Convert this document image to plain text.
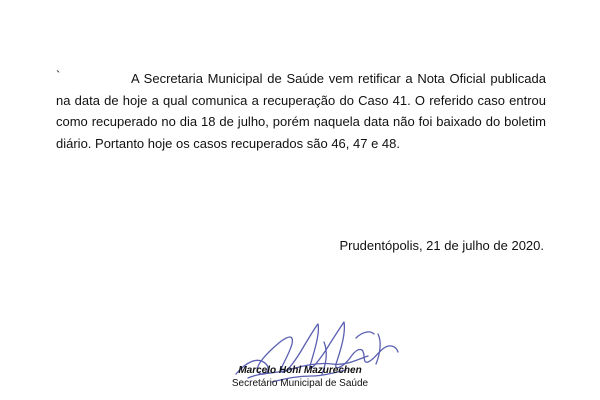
`	A Secretaria Municipal de Saúde vem retificar a Nota Oficial publicada na data de hoje a qual comunica a recuperação do Caso 41. O referido caso entrou como recuperado no dia 18 de julho, porém naquela data não foi baixado do boletim diário. Portanto hoje os casos recuperados são 46, 47 e 48.

Prudentópolis, 21 de julho de 2020.
Marcelo Hohl Mazurechen
Secretário Municipal de Saúde
